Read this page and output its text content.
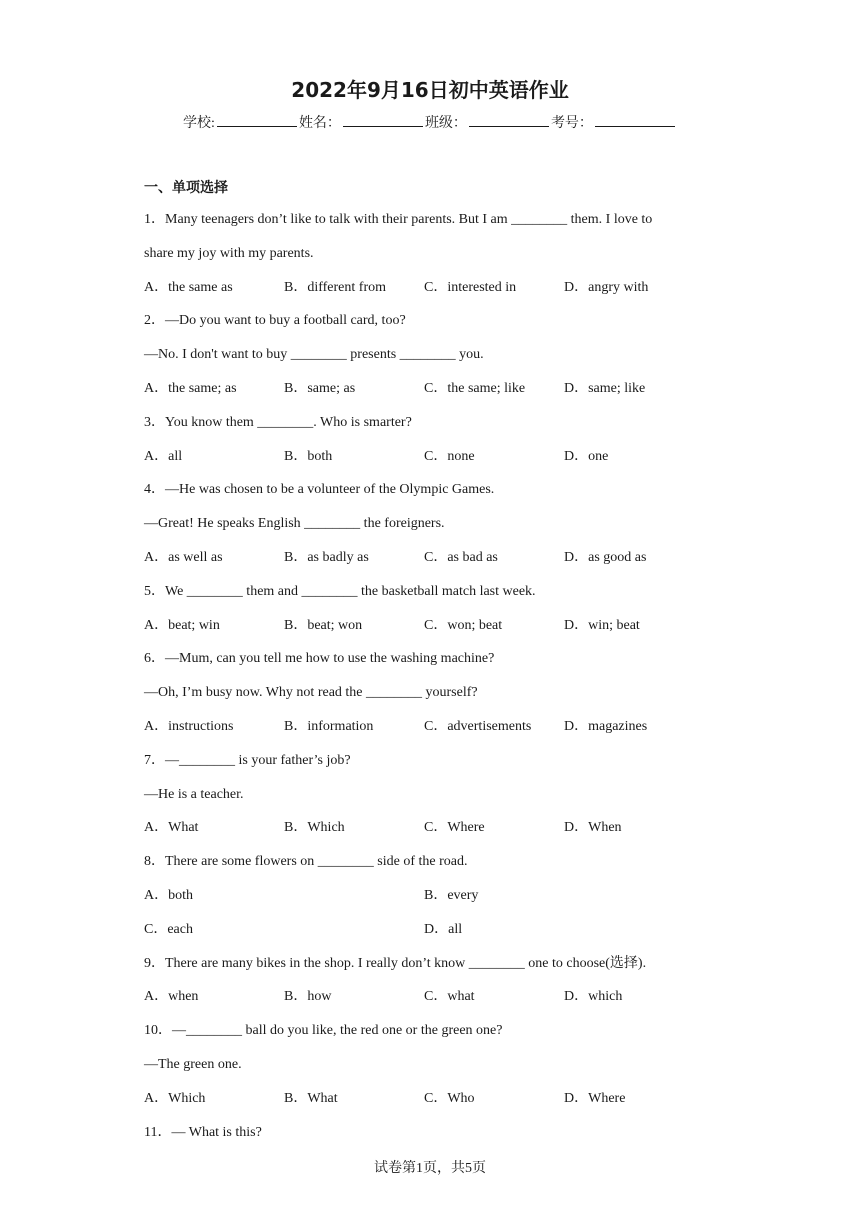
2022年9月16日初中英语作业
学校:	姓名：	班级：	考号：
一、单项选择
1．Many teenagers don’t like to talk with their parents. But I am ________ them. I love to
share my joy with my parents.
A．the same as	B．different from	C．interested in	D．angry with
2．—Do you want to buy a football card, too?
—No. I don't want to buy ________ presents ________ you.
A．the same; as	B．same; as	C．the same; like	D．same; like
3．You know them ________. Who is smarter?
A．all	B．both	C．none	D．one
4．—He was chosen to be a volunteer of the Olympic Games.
—Great! He speaks English ________ the foreigners.
A．as well as	B．as badly as	C．as bad as	D．as good as
5．We ________ them and ________ the basketball match last week.
A．beat; win	B．beat; won	C．won; beat	D．win; beat
6．—Mum, can you tell me how to use the washing machine?
—Oh, I’m busy now. Why not read the ________ yourself?
A．instructions	B．information	C．advertisements	D．magazines
7．—________ is your father’s job?
—He is a teacher.
A．What	B．Which	C．Where	D．When
8．There are some flowers on ________ side of the road.
A．both	B．every
C．each	D．all
9．There are many bikes in the shop. I really don’t know ________ one to choose(选择).
A．when	B．how	C．what	D．which
10．—________ ball do you like, the red one or the green one?
—The green one.
A．Which	B．What	C．Who	D．Where
11．— What is this?
试卷第1页，共5页
